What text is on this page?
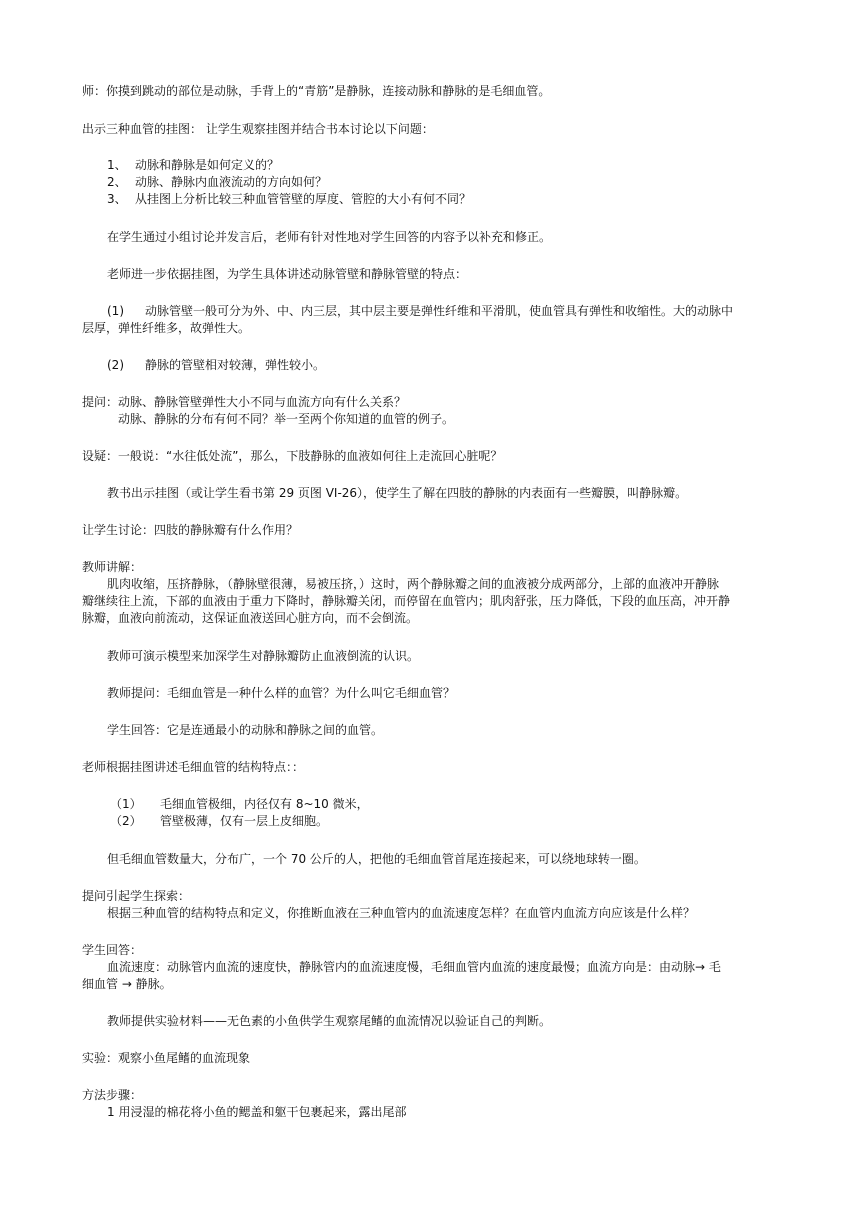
师：你摸到跳动的部位是动脉，手背上的“青筋”是静脉，连接动脉和静脉的是毛细血管。
出示三种血管的挂图： 让学生观察挂图并结合书本讨论以下问题：
1、 动脉和静脉是如何定义的？
2、 动脉、静脉内血液流动的方向如何？
3、 从挂图上分析比较三种血管管壁的厚度、管腔的大小有何不同？
在学生通过小组讨论并发言后，老师有针对性地对学生回答的内容予以补充和修正。
老师进一步依据挂图，为学生具体讲述动脉管壁和静脉管壁的特点：
(1) 动脉管壁一般可分为外、中、内三层，其中层主要是弹性纤维和平滑肌，使血管具有弹性和收缩性。大的动脉中
层厚，弹性纤维多，故弹性大。
(2) 静脉的管壁相对较薄，弹性较小。
提问：动脉、静脉管壁弹性大小不同与血流方向有什么关系？
动脉、静脉的分布有何不同？举一至两个你知道的血管的例子。
设疑：一般说：“水往低处流”，那么，下肢静脉的血液如何往上走流回心脏呢？
教书出示挂图（或让学生看书第 29 页图 VI-26），使学生了解在四肢的静脉的内表面有一些瓣膜，叫静脉瓣。
让学生讨论：四肢的静脉瓣有什么作用？
教师讲解：
肌肉收缩，压挤静脉，（静脉壁很薄，易被压挤，）这时，两个静脉瓣之间的血液被分成两部分，上部的血液冲开静脉
瓣继续往上流，下部的血液由于重力下降时，静脉瓣关闭，而停留在血管内；肌肉舒张，压力降低，下段的血压高，冲开静
脉瓣，血液向前流动，这保证血液送回心脏方向，而不会倒流。
教师可演示模型来加深学生对静脉瓣防止血液倒流的认识。
教师提问：毛细血管是一种什么样的血管？为什么叫它毛细血管？
学生回答：它是连通最小的动脉和静脉之间的血管。
老师根据挂图讲述毛细血管的结构特点：：
（1） 毛细血管极细，内径仅有 8~10 微米，
（2） 管壁极薄，仅有一层上皮细胞。
但毛细血管数量大，分布广，一个 70 公斤的人，把他的毛细血管首尾连接起来，可以绕地球转一圈。
提问引起学生探索：
根据三种血管的结构特点和定义，你推断血液在三种血管内的血流速度怎样？在血管内血流方向应该是什么样？
学生回答：
血流速度：动脉管内血流的速度快，静脉管内的血流速度慢，毛细血管内血流的速度最慢；血流方向是：由动脉→ 毛
细血管 → 静脉。
教师提供实验材料——无色素的小鱼供学生观察尾鳍的血流情况以验证自己的判断。
实验：观察小鱼尾鳍的血流现象
方法步骤：
1 用浸湿的棉花将小鱼的鳃盖和躯干包裹起来，露出尾部
